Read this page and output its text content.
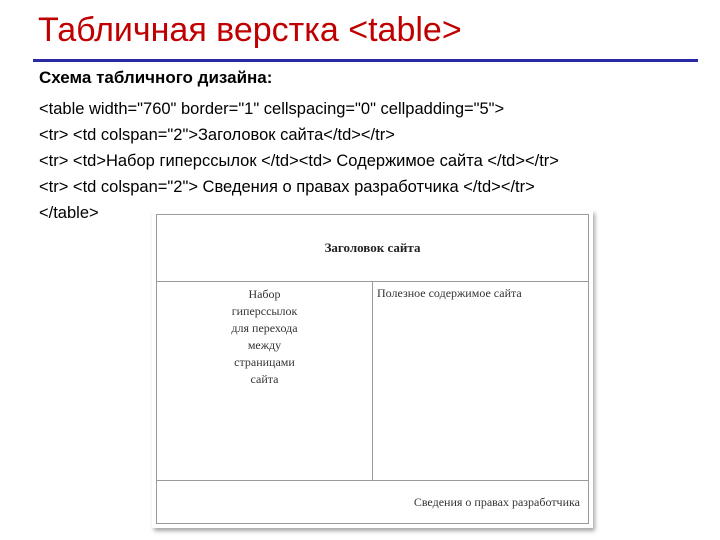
Табличная верстка <table>

Схема табличного дизайна:

<table width="760" border="1" cellspacing="0" cellpadding="5">
<tr> <td colspan="2">Заголовок сайта</td></tr>
<tr> <td>Набор гиперссылок </td><td> Содержимое сайта </td></tr>
<tr> <td colspan="2"> Сведения о правах разработчика </td></tr>
</table>
Заголовок сайта

Набор
гиперссылок
для перехода
между
страницами
сайта
	Полезное содержимое сайта
Сведения о правах разработчика
